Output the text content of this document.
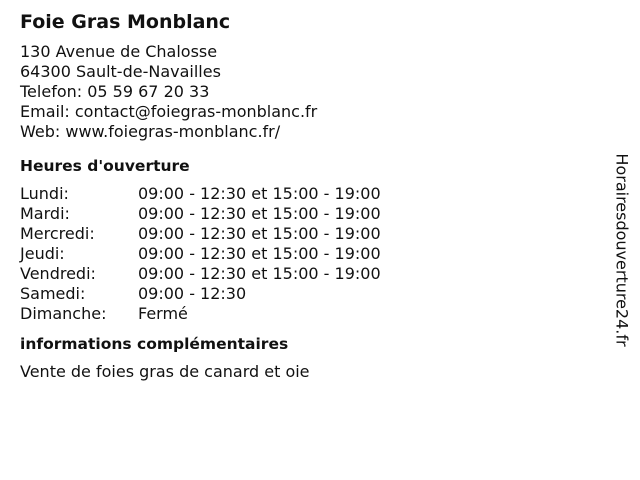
Foie Gras Monblanc
130 Avenue de Chalosse
64300 Sault-de-Navailles
Telefon: 05 59 67 20 33
Email: contact@foiegras-monblanc.fr
Web: www.foiegras-monblanc.fr/
Heures d'ouverture
Lundi:	09:00 - 12:30 et 15:00 - 19:00
Mardi:	09:00 - 12:30 et 15:00 - 19:00
Mercredi:	09:00 - 12:30 et 15:00 - 19:00
Jeudi:	09:00 - 12:30 et 15:00 - 19:00
Vendredi:	09:00 - 12:30 et 15:00 - 19:00
Samedi:	09:00 - 12:30
Dimanche:	Fermé
informations complémentaires
Vente de foies gras de canard et oie
Horairesdouverture24.fr
